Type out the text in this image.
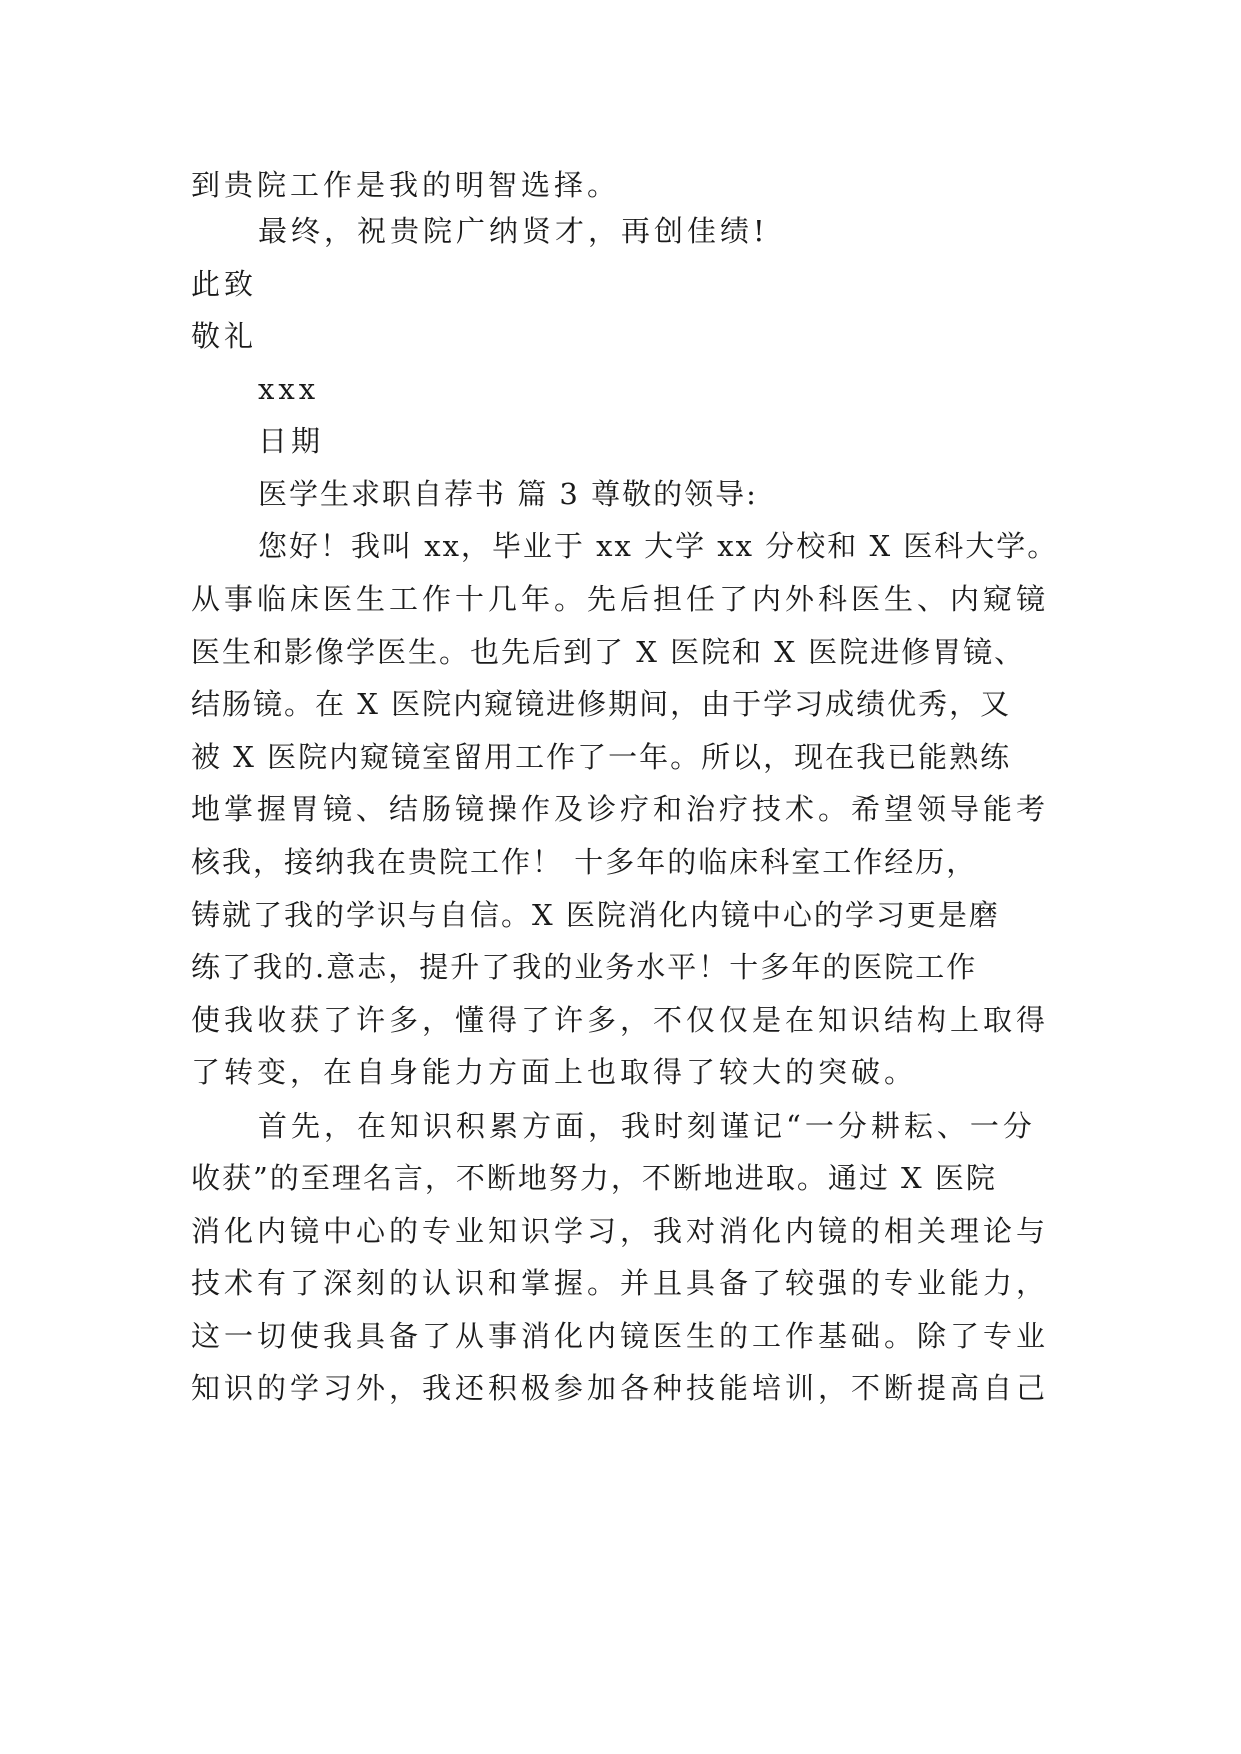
到贵院工作是我的明智选择。
最终，祝贵院广纳贤才，再创佳绩!
此致
敬礼
xxx
日期
医学生求职自荐书 篇 3 尊敬的领导:
您好！我叫 xx，毕业于 xx 大学 xx 分校和 X 医科大学。
从事临床医生工作十几年。先后担任了内外科医生、内窥镜
医生和影像学医生。也先后到了 X 医院和 X 医院进修胃镜、
结肠镜。在 X 医院内窥镜进修期间，由于学习成绩优秀，又
被 X 医院内窥镜室留用工作了一年。所以，现在我已能熟练
地掌握胃镜、结肠镜操作及诊疗和治疗技术。希望领导能考
核我，接纳我在贵院工作！ 十多年的临床科室工作经历，
铸就了我的学识与自信。X 医院消化内镜中心的学习更是磨
练了我的.意志，提升了我的业务水平！十多年的医院工作
使我收获了许多，懂得了许多，不仅仅是在知识结构上取得
了转变，在自身能力方面上也取得了较大的突破。
首先，在知识积累方面，我时刻谨记“一分耕耘、一分
收获”的至理名言，不断地努力，不断地进取。通过 X 医院
消化内镜中心的专业知识学习，我对消化内镜的相关理论与
技术有了深刻的认识和掌握。并且具备了较强的专业能力，
这一切使我具备了从事消化内镜医生的工作基础。除了专业
知识的学习外，我还积极参加各种技能培训，不断提高自己
